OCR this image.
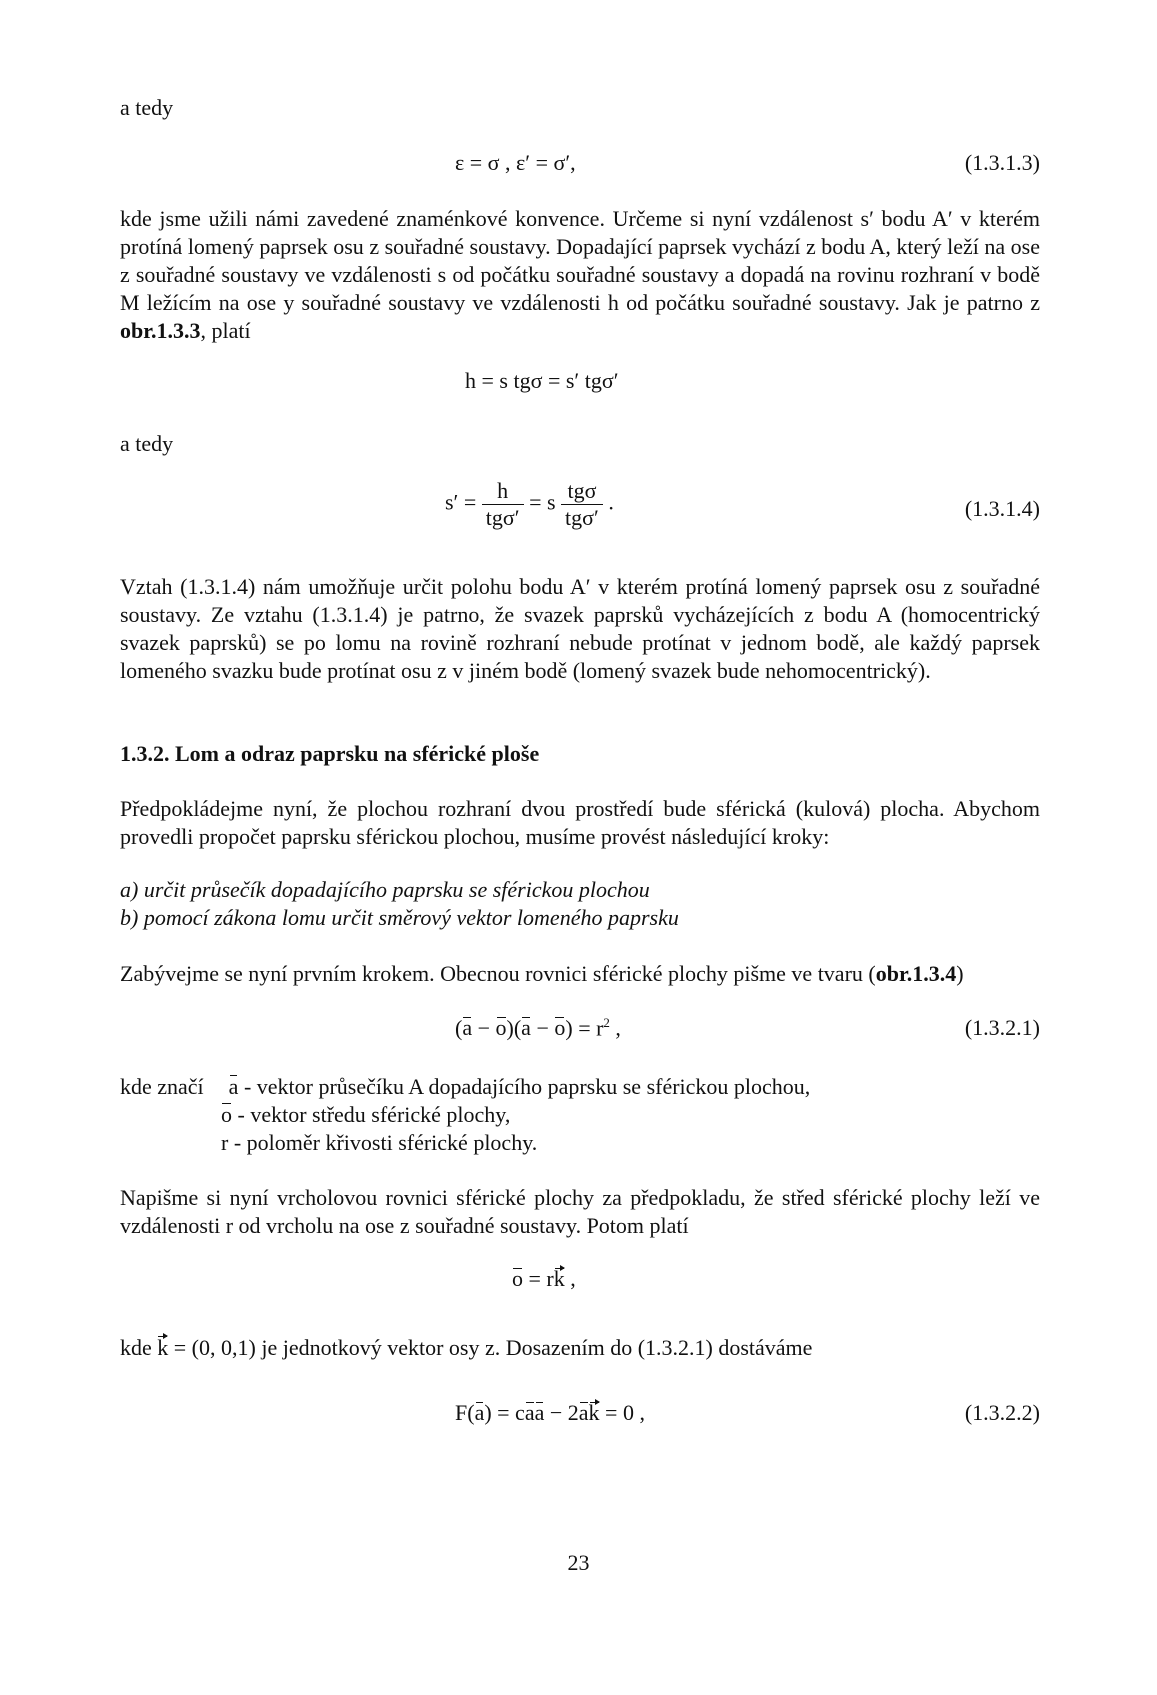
a tedy
ε = σ , ε′ = σ′,	(1.3.1.3)
kde jsme užili námi zavedené znaménkové konvence. Určeme si nyní vzdálenost s′ bodu A′ v kterém protíná lomený paprsek osu z souřadné soustavy. Dopadající paprsek vychází z bodu A, který leží na ose z souřadné soustavy ve vzdálenosti s od počátku souřadné soustavy a dopadá na rovinu rozhraní v bodě M ležícím na ose y souřadné soustavy ve vzdálenosti h od počátku souřadné soustavy. Jak je patrno z obr.1.3.3, platí
h = s tgσ = s′ tgσ′
a tedy
$s' = \frac{h}{\text{tgσ′}} = s \frac{\text{tgσ}}{\text{tgσ′}}$ .	(1.3.1.4)
Vztah (1.3.1.4) nám umožňuje určit polohu bodu A′ v kterém protíná lomený paprsek osu z souřadné soustavy. Ze vztahu (1.3.1.4) je patrno, že svazek paprsků vycházejících z bodu A (homocentrický svazek paprsků) se po lomu na rovině rozhraní nebude protínat v jednom bodě, ale každý paprsek lomeného svazku bude protínat osu z v jiném bodě (lomený svazek bude nehomocentrický).
1.3.2. Lom a odraz paprsku na sférické ploše
Předpokládejme nyní, že plochou rozhraní dvou prostředí bude sférická (kulová) plocha. Abychom provedli propočet paprsku sférickou plochou, musíme provést následující kroky:
a) určit průsečík dopadajícího paprsku se sférickou plochou
b) pomocí zákona lomu určit směrový vektor lomeného paprsku
Zabývejme se nyní prvním krokem. Obecnou rovnici sférické plochy pišme ve tvaru (obr.1.3.4)
$(a - o)(a - o) = r^2$ ,	(1.3.2.1)
kde značí a - vektor průsečíku A dopadajícího paprsku se sférickou plochou,
o - vektor středu sférické plochy,
r - poloměr křivosti sférické plochy.
Napišme si nyní vrcholovou rovnici sférické plochy za předpokladu, že střed sférické plochy leží ve vzdálenosti r od vrcholu na ose z souřadné soustavy. Potom platí
o = rk ,
kde k = (0, 0,1) je jednotkový vektor osy z. Dosazením do (1.3.2.1) dostáváme
F(a) = caa − 2ak = 0 ,	(1.3.2.2)
23
